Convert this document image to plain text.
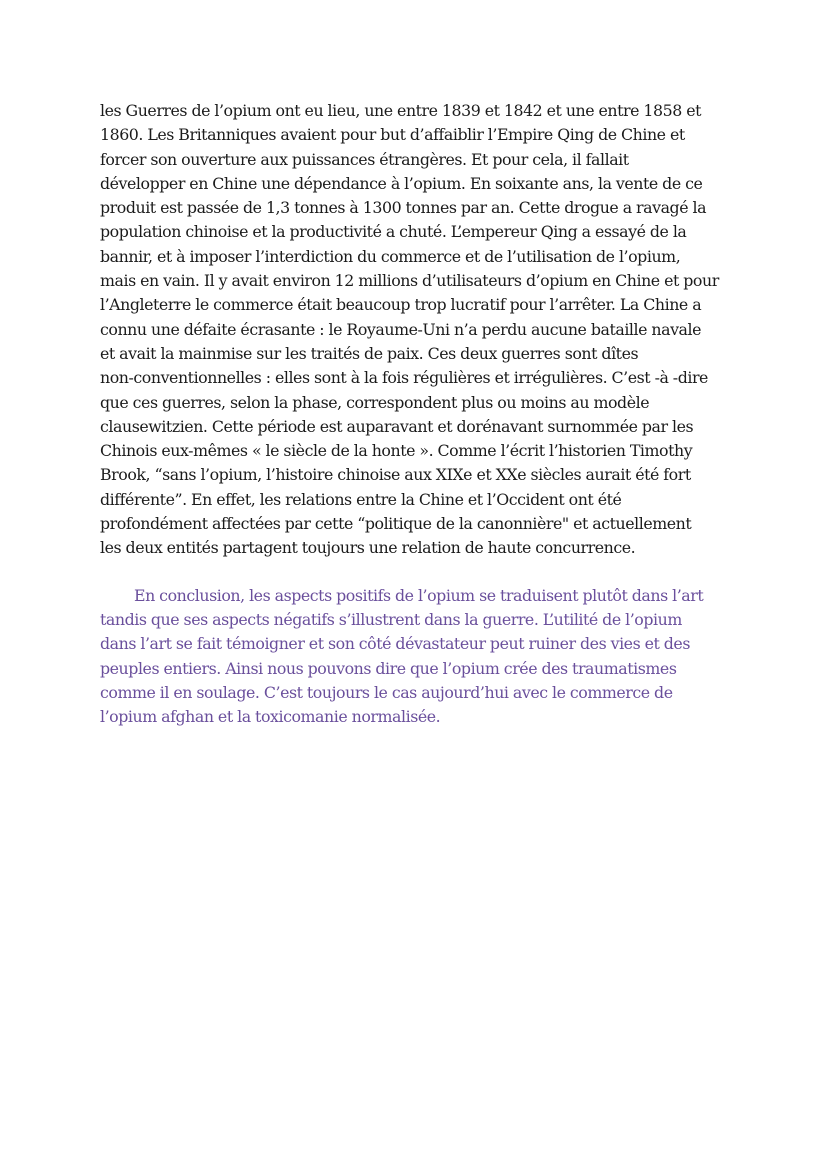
les Guerres de l’opium ont eu lieu, une entre 1839 et 1842 et une entre 1858 et
1860. Les Britanniques avaient pour but d’affaiblir l’Empire Qing de Chine et
forcer son ouverture aux puissances étrangères. Et pour cela, il fallait
développer en Chine une dépendance à l’opium. En soixante ans, la vente de ce
produit est passée de 1,3 tonnes à 1300 tonnes par an. Cette drogue a ravagé la
population chinoise et la productivité a chuté. L’empereur Qing a essayé de la
bannir, et à imposer l’interdiction du commerce et de l’utilisation de l’opium,
mais en vain. Il y avait environ 12 millions d’utilisateurs d’opium en Chine et pour
l’Angleterre le commerce était beaucoup trop lucratif pour l’arrêter. La Chine a
connu une défaite écrasante : le Royaume-Uni n’a perdu aucune bataille navale
et avait la mainmise sur les traités de paix. Ces deux guerres sont dîtes
non-conventionnelles : elles sont à la fois régulières et irrégulières. C’est -à -dire
que ces guerres, selon la phase, correspondent plus ou moins au modèle
clausewitzien. Cette période est auparavant et dorénavant surnommée par les
Chinois eux-mêmes « le siècle de la honte ». Comme l’écrit l’historien Timothy
Brook, “sans l’opium, l’histoire chinoise aux XIXe et XXe siècles aurait été fort
différente”. En effet, les relations entre la Chine et l’Occident ont été
profondément affectées par cette “politique de la canonnière" et actuellement
les deux entités partagent toujours une relation de haute concurrence.

En conclusion, les aspects positifs de l’opium se traduisent plutôt dans l’art
tandis que ses aspects négatifs s’illustrent dans la guerre. L’utilité de l’opium
dans l’art se fait témoigner et son côté dévastateur peut ruiner des vies et des
peuples entiers. Ainsi nous pouvons dire que l’opium crée des traumatismes
comme il en soulage. C’est toujours le cas aujourd’hui avec le commerce de
l’opium afghan et la toxicomanie normalisée.
